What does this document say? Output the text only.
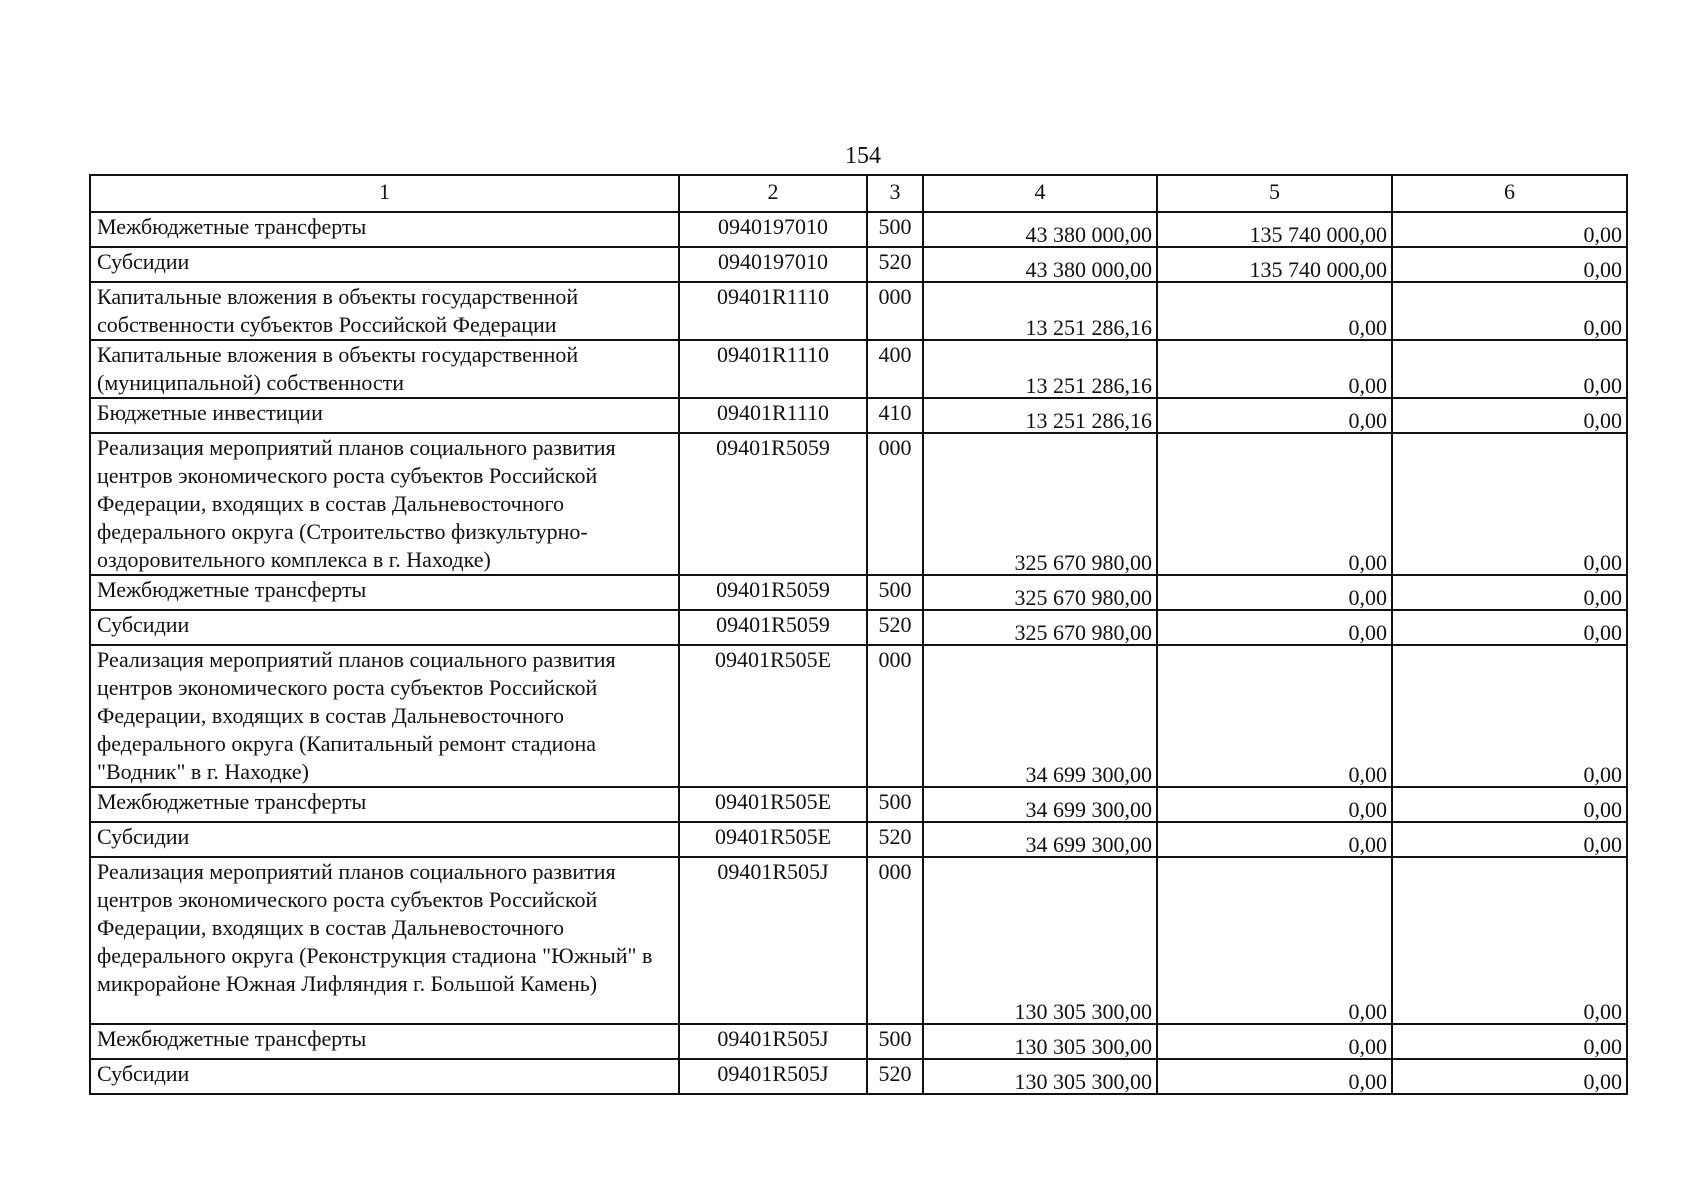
154
1	2	3	4	5	6
Межбюджетные трансферты	0940197010	500	43 380 000,00	135 740 000,00	0,00

Субсидии	0940197010	520	43 380 000,00	135 740 000,00	0,00

Капитальные вложения в объекты государственной собственности субъектов Российской Федерации	09401R1110	000	13 251 286,16	0,00	0,00

Капитальные вложения в объекты государственной (муниципальной) собственности	09401R1110	400	13 251 286,16	0,00	0,00

Бюджетные инвестиции	09401R1110	410	13 251 286,16	0,00	0,00

Реализация мероприятий планов социального развития центров экономического роста субъектов Российской Федерации, входящих в состав Дальневосточного федерального округа (Строительство физкультурно-оздоровительного комплекса в г. Находке)	09401R5059	000	325 670 980,00	0,00	0,00

Межбюджетные трансферты	09401R5059	500	325 670 980,00	0,00	0,00

Субсидии	09401R5059	520	325 670 980,00	0,00	0,00

Реализация мероприятий планов социального развития центров экономического роста субъектов Российской Федерации, входящих в состав Дальневосточного федерального округа (Капитальный ремонт стадиона "Водник" в г. Находке)	09401R505E	000	34 699 300,00	0,00	0,00

Межбюджетные трансферты	09401R505E	500	34 699 300,00	0,00	0,00

Субсидии	09401R505E	520	34 699 300,00	0,00	0,00

Реализация мероприятий планов социального развития центров экономического роста субъектов Российской Федерации, входящих в состав Дальневосточного федерального округа (Реконструкция стадиона "Южный" в микрорайоне Южная Лифляндия г. Большой Камень)	09401R505J	000	130 305 300,00	0,00	0,00

Межбюджетные трансферты	09401R505J	500	130 305 300,00	0,00	0,00

Субсидии	09401R505J	520	130 305 300,00	0,00	0,00
